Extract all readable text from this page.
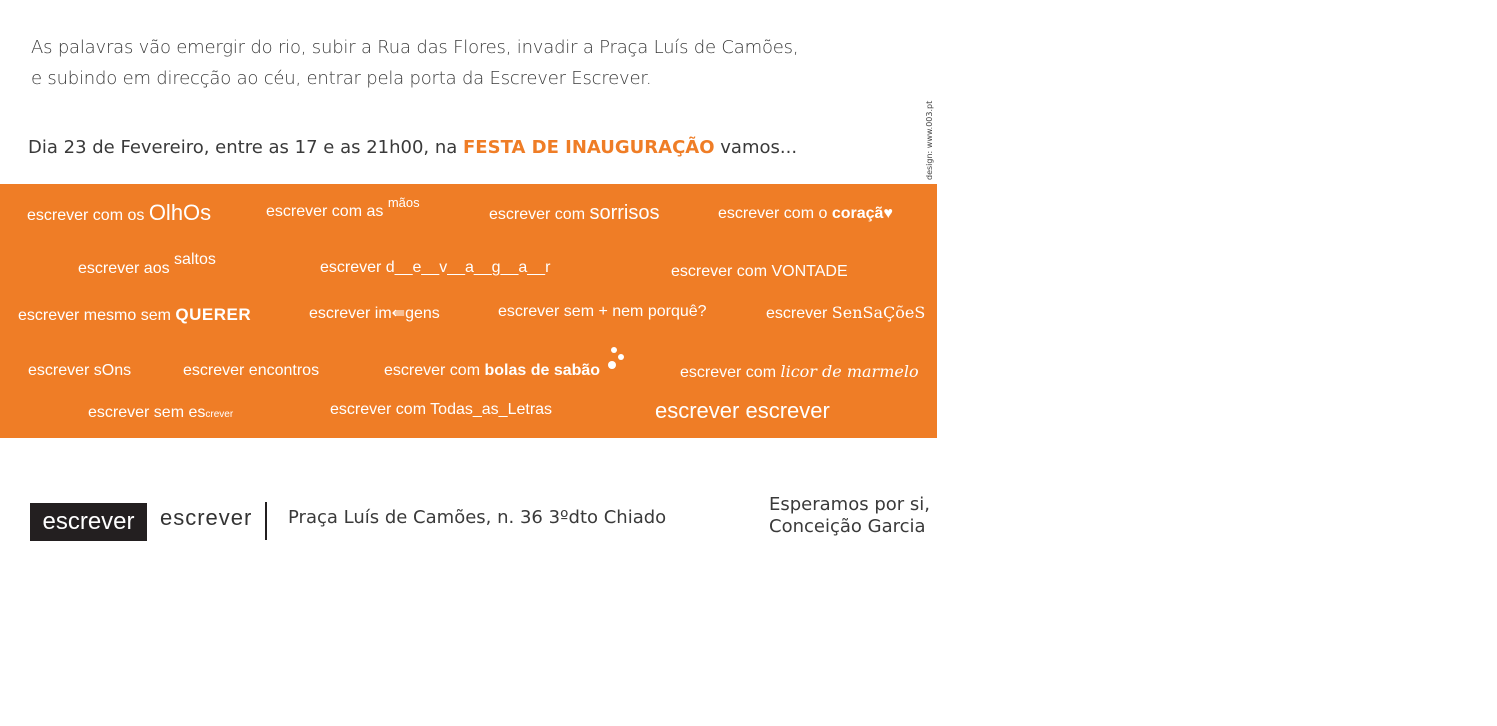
As palavras vão emergir do rio, subir a Rua das Flores, invadir a Praça Luís de Camões,
e subindo em direcção ao céu, entrar pela porta da Escrever Escrever.
Dia 23 de Fevereiro, entre as 17 e as 21h00, na FESTA DE INAUGURAÇÃO vamos...	design: www.003.pt
escrever com os OlhOs	escrever com as $^{mãos}$
escrever com sorrisos	escrever com o coraçã♥
escrever aos saltos	escrever d__e__v__a__g__a__r	escrever com VONTADE
escrever mesmo sem QUERER	escrever im⇚gens	escrever sem + nem porquê?	escrever SenSaÇõeS
escrever sOns	escrever encontros	escrever com bolas de sabão	escrever com licor de marmelo
escrever sem escrever	escrever com Todas_as_Letras	escrever escrever
escrever	escrever Praça Luís de Camões, n. 36 3ºdto Chiado
Esperamos por si,
Conceição Garcia
